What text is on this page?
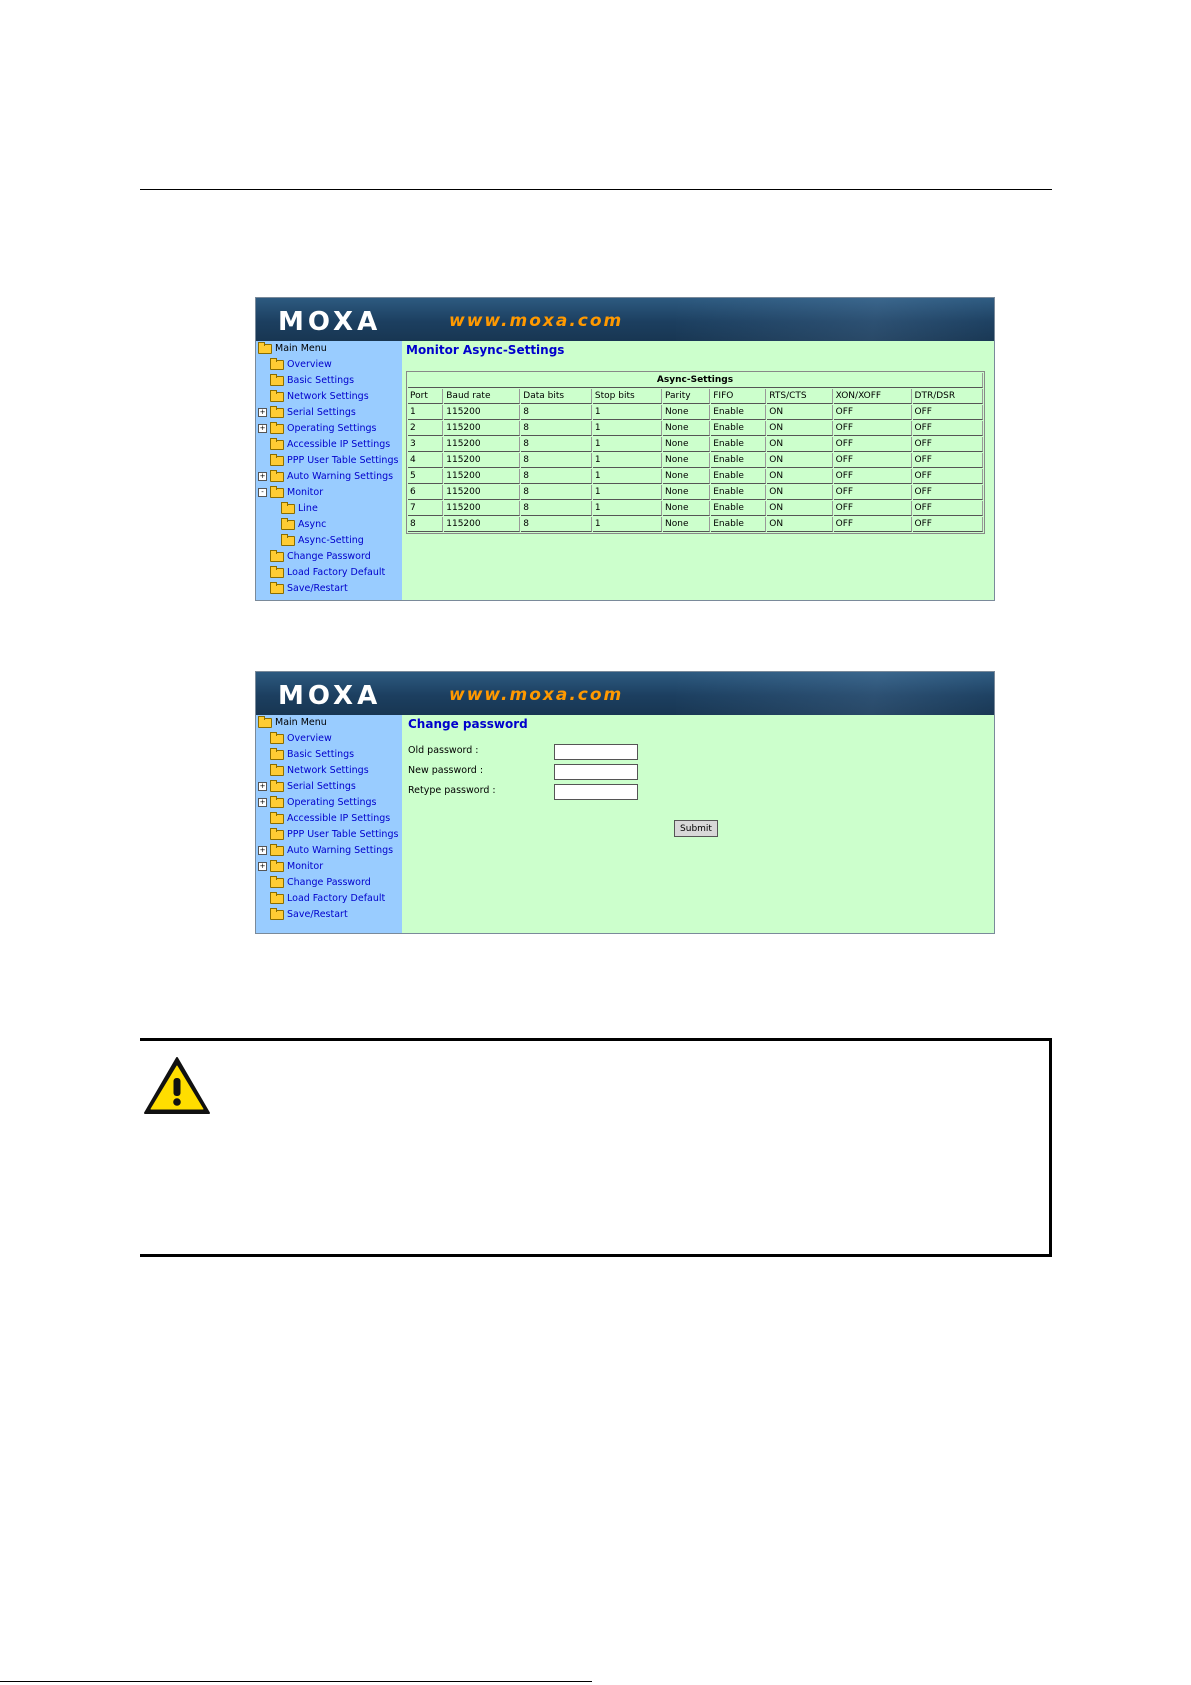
MOXA	www.moxa.com
Main Menu
Overview
Basic Settings
Network Settings
+ Serial Settings
+ Operating Settings
Accessible IP Settings
PPP User Table Settings
+ Auto Warning Settings
-	Monitor
Line
Async
Async-Setting
Change Password
Load Factory Default
Save/Restart
Monitor Async-Settings
Async-Settings								
Port	Baud rate	Data bits	Stop bits	Parity	FIFO	RTS/CTS	XON/XOFF	DTR/DSR
1	115200	8	1	None	Enable	ON	OFF	OFF
2	115200	8	1	None	Enable	ON	OFF	OFF
3	115200	8	1	None	Enable	ON	OFF	OFF
4	115200	8	1	None	Enable	ON	OFF	OFF
5	115200	8	1	None	Enable	ON	OFF	OFF
6	115200	8	1	None	Enable	ON	OFF	OFF
7	115200	8	1	None	Enable	ON	OFF	OFF
8	115200	8	1	None	Enable	ON	OFF	OFF
MOXA	www.moxa.com
Main Menu
Overview
Basic Settings
Network Settings
+ Serial Settings
+ Operating Settings
Accessible IP Settings
PPP User Table Settings
+ Auto Warning Settings
+ Monitor
Change Password
Load Factory Default
Save/Restart
Change password
Old password :
New password :
Retype password :
Submit
